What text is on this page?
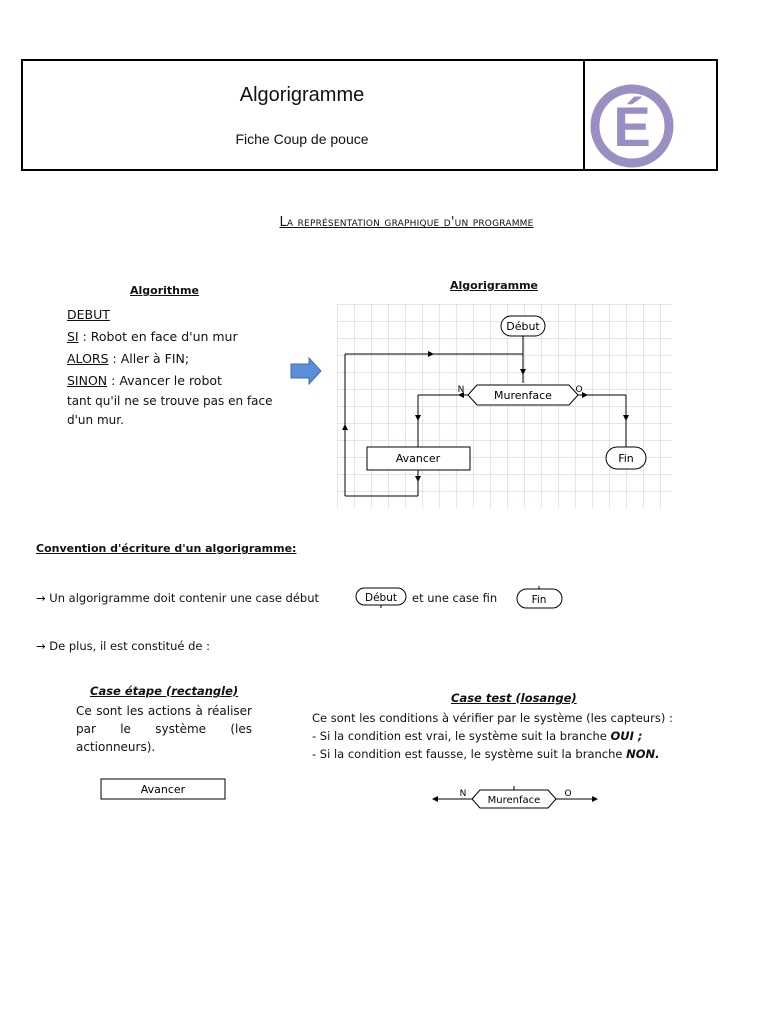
Algorigramme
Fiche Coup de pouce	É
La représentation graphique d'un programme
Algorithme
DEBUT
SI : Robot en face d'un mur
ALORS : Aller à FIN;
SINON : Avancer le robot
tant qu'il ne se trouve pas en face d'un mur.
Algorigramme
Début
Murenface
N	O
Avancer	Fin
Convention d'écriture d'un algorigramme:
→ Un algorigramme doit contenir une case début	Début et une case fin	Fin
→ De plus, il est constitué de :
Case étape (rectangle)
Ce sont les actions à réaliser par le système (les actionneurs).
Avancer
Case test (losange)
Ce sont les conditions à vérifier par le système (les capteurs) :
- Si la condition est vrai, le système suit la branche OUI ;
- Si la condition est fausse, le système suit la branche NON.
Murenface
N	O
